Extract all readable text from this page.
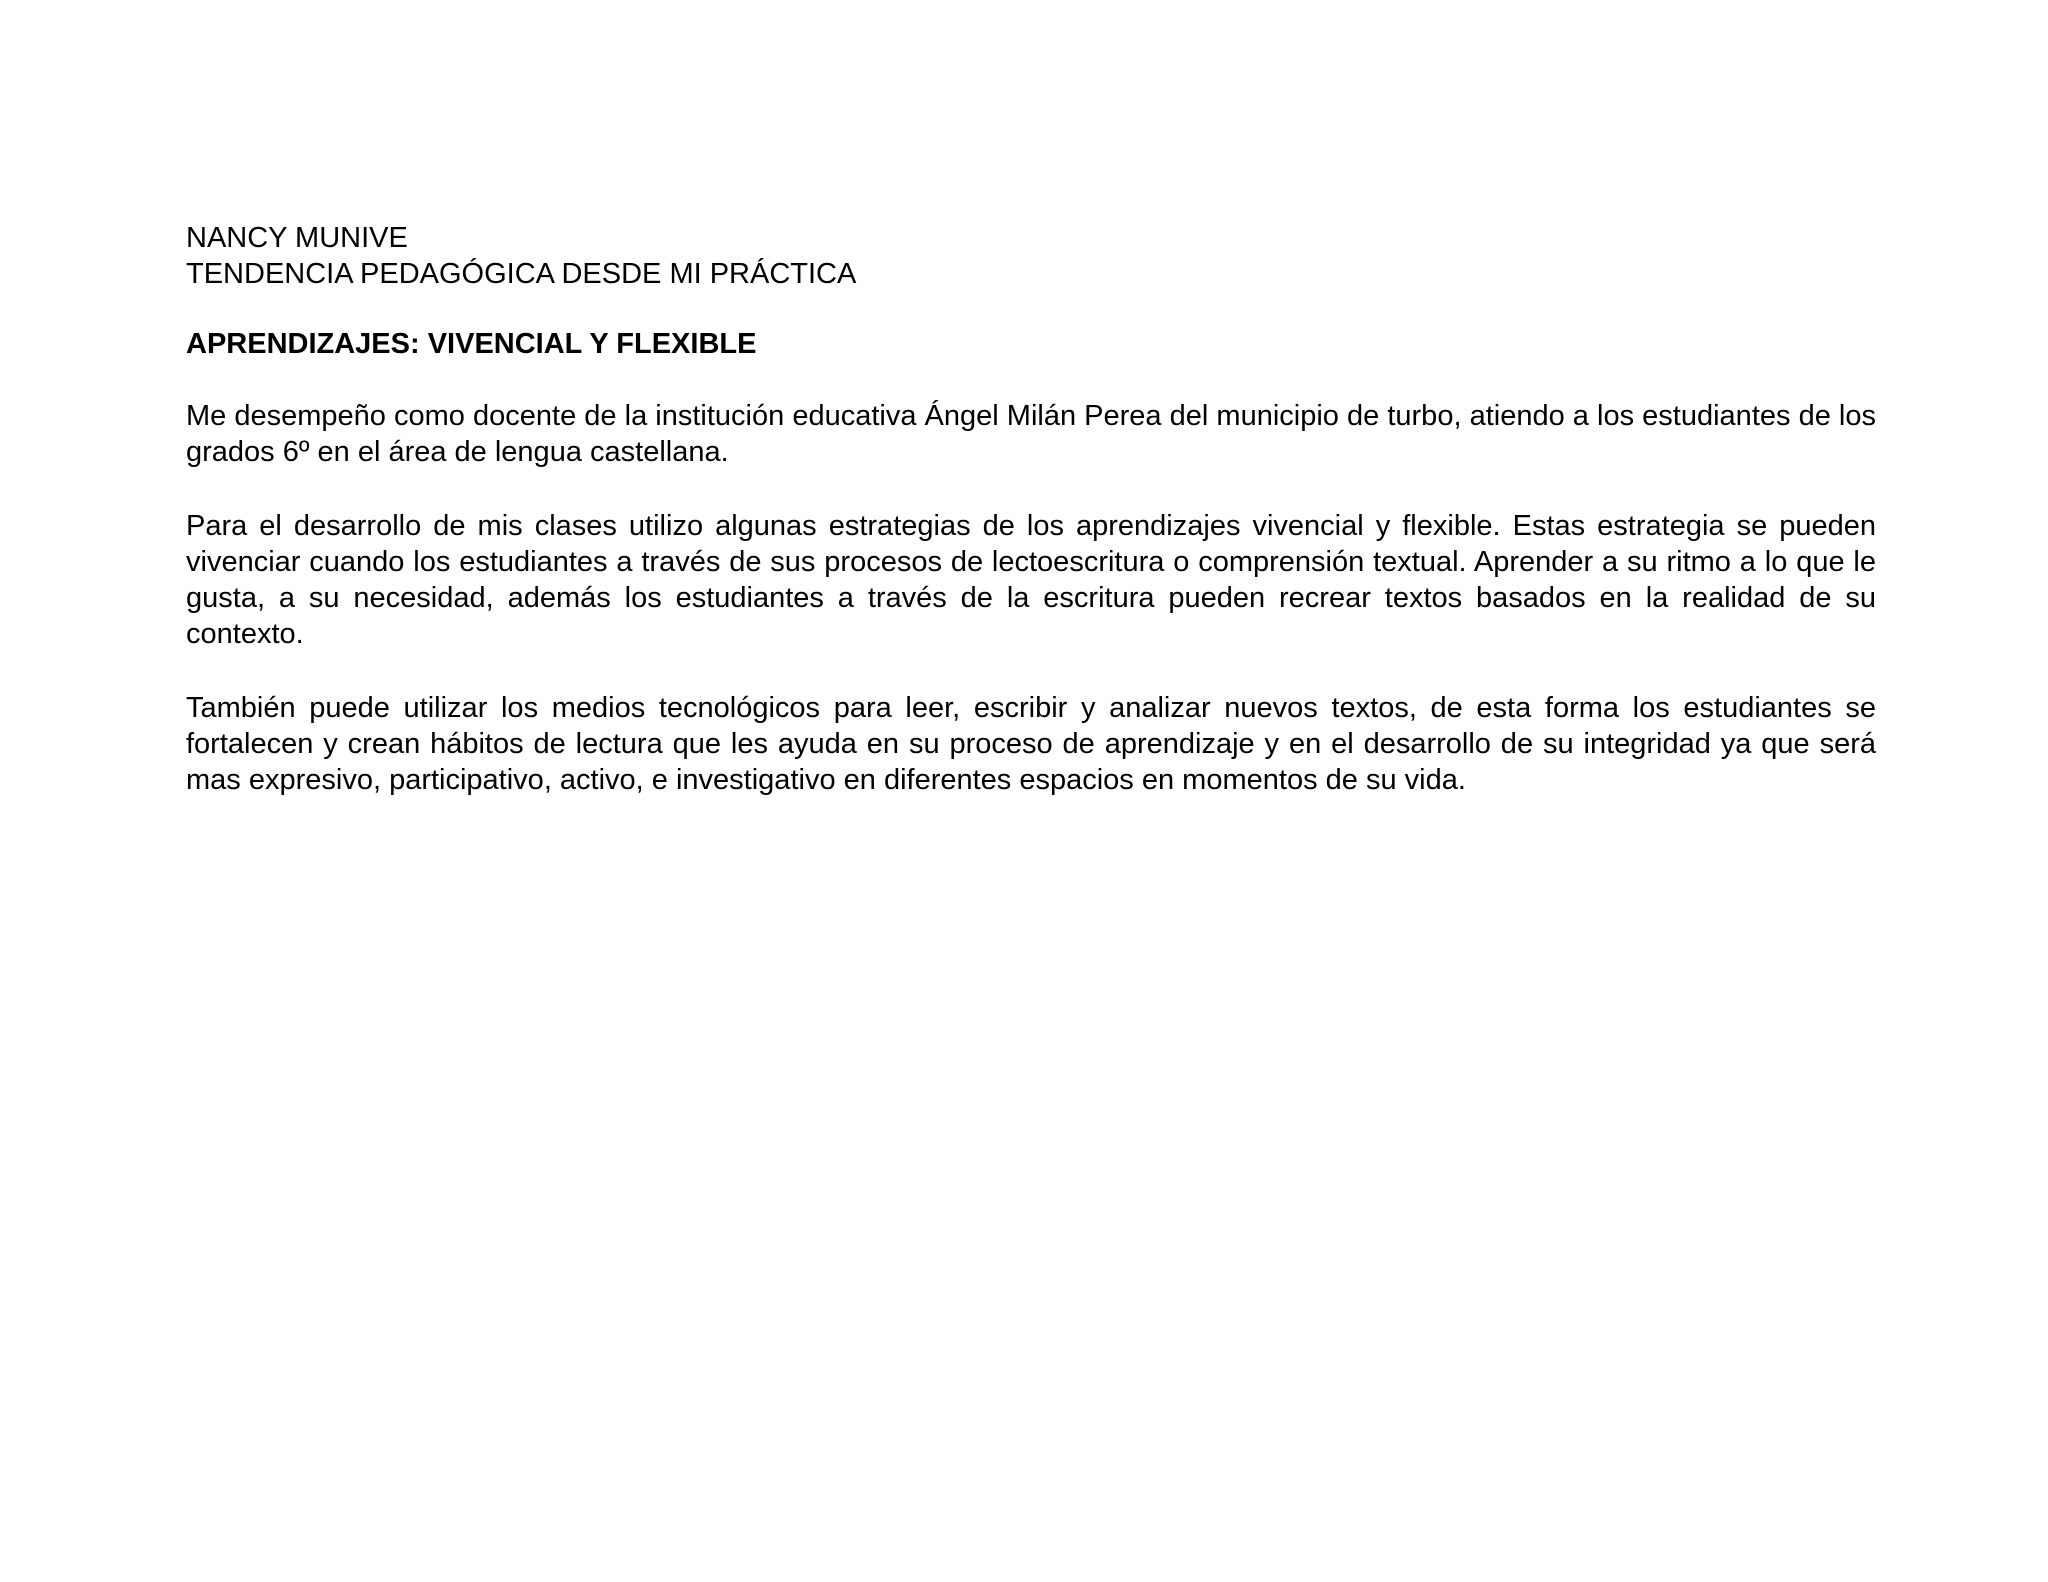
NANCY MUNIVE
TENDENCIA PEDAGÓGICA DESDE MI PRÁCTICA
APRENDIZAJES: VIVENCIAL Y FLEXIBLE

Me desempeño como docente de la institución educativa Ángel Milán Perea del municipio de turbo, atiendo a los estudiantes de los grados 6º en el área de lengua castellana.

Para el desarrollo de mis clases utilizo algunas estrategias de los aprendizajes vivencial y flexible. Estas estrategia se pueden vivenciar cuando los estudiantes a través de sus procesos de lectoescritura o comprensión textual. Aprender a su ritmo a lo que le gusta, a su necesidad, además los estudiantes a través de la escritura pueden recrear textos basados en la realidad de su contexto.

También puede utilizar los medios tecnológicos para leer, escribir y analizar nuevos textos, de esta forma los estudiantes se fortalecen y crean hábitos de lectura que les ayuda en su proceso de aprendizaje y en el desarrollo de su integridad ya que será mas expresivo, participativo, activo, e investigativo en diferentes espacios en momentos de su vida.
